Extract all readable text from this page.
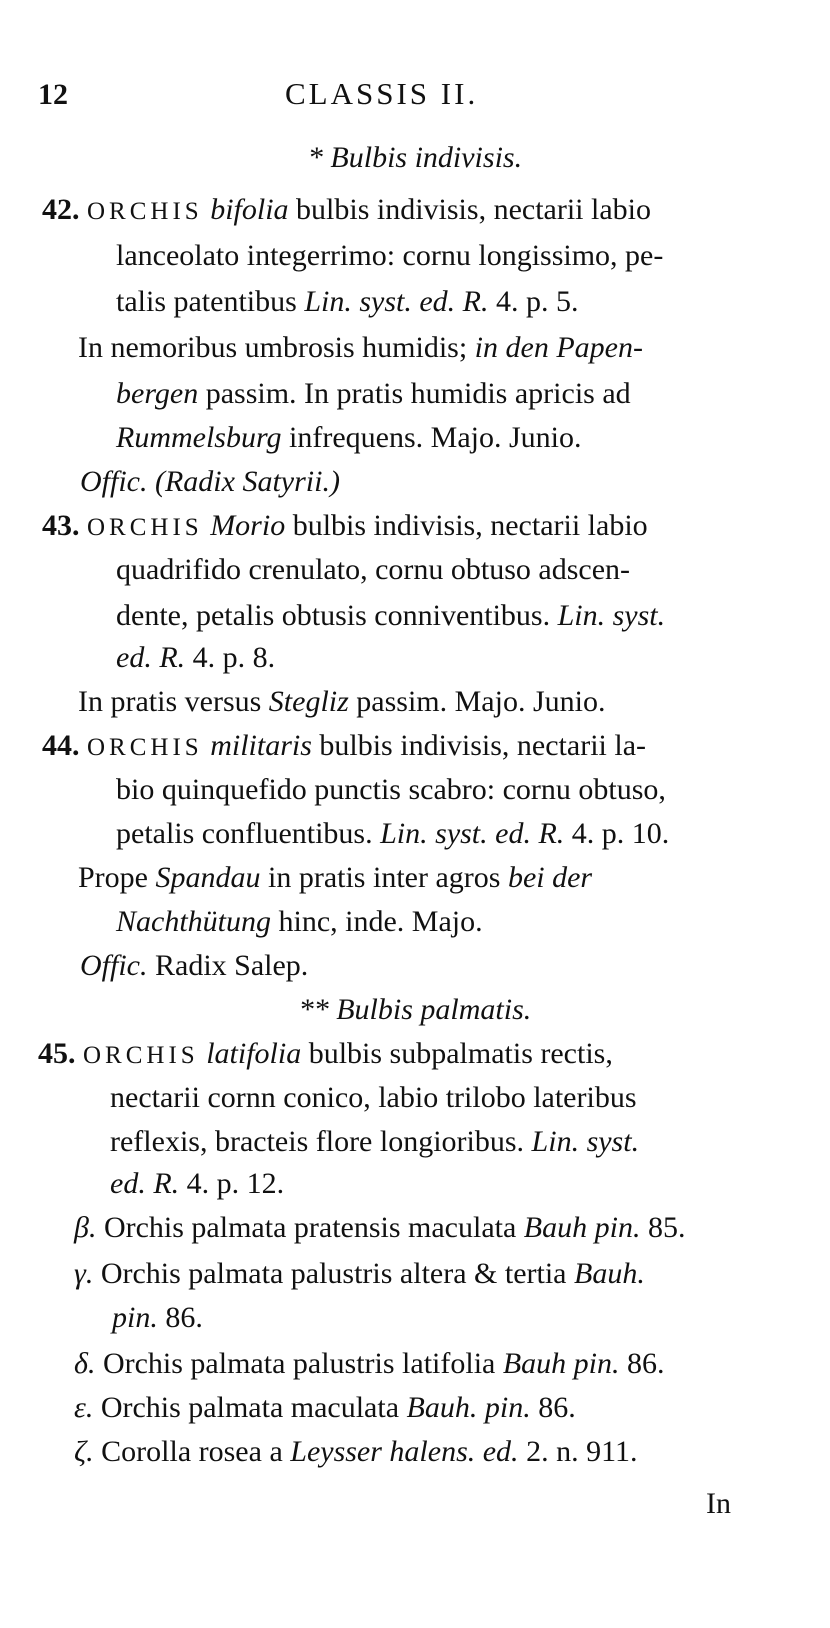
12	CLASSIS II.
* Bulbis indivisis.
42. ORCHIS bifolia bulbis indivisis, nectarii labio
lanceolato integerrimo: cornu longissimo, pe-
talis patentibus Lin. syst. ed. R. 4. p. 5.
In nemoribus umbrosis humidis; in den Papen-
bergen passim. In pratis humidis apricis ad
Rummelsburg infrequens. Majo. Junio.
Offic. (Radix Satyrii.)
43. ORCHIS Morio bulbis indivisis, nectarii labio
quadrifido crenulato, cornu obtuso adscen-
dente, petalis obtusis conniventibus. Lin. syst.
ed. R. 4. p. 8.
In pratis versus Stegliz passim. Majo. Junio.
44. ORCHIS militaris bulbis indivisis, nectarii la-
bio quinquefido punctis scabro: cornu obtuso,
petalis confluentibus. Lin. syst. ed. R. 4. p. 10.
Prope Spandau in pratis inter agros bei der
Nachthütung hinc, inde. Majo.
Offic. Radix Salep.
** Bulbis palmatis.
45. ORCHIS latifolia bulbis subpalmatis rectis,
nectarii cornn conico, labio trilobo lateribus
reflexis, bracteis flore longioribus. Lin. syst.
ed. R. 4. p. 12.
β. Orchis palmata pratensis maculata Bauh pin. 85.
γ. Orchis palmata palustris altera & tertia Bauh.
pin. 86.
δ. Orchis palmata palustris latifolia Bauh pin. 86.
ε. Orchis palmata maculata Bauh. pin. 86.
ζ. Corolla rosea a Leysser halens. ed. 2. n. 911.
In
